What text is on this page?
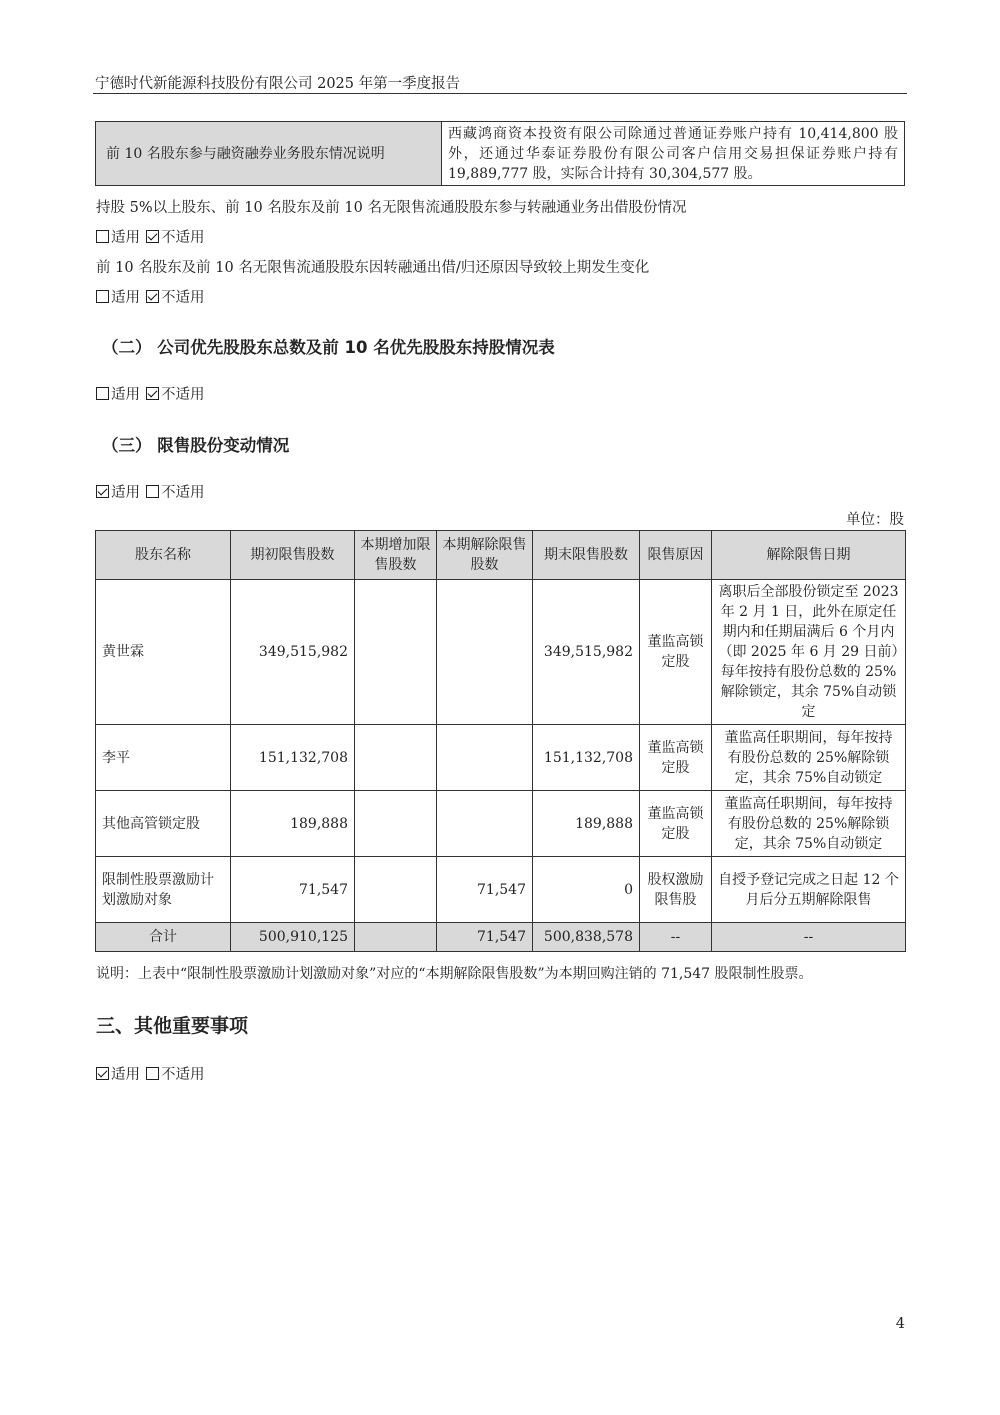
宁德时代新能源科技股份有限公司 2025 年第一季度报告
前 10 名股东参与融资融券业务股东情况说明	西藏鸿商资本投资有限公司除通过普通证券账户持有 10,414,800 股外，还通过华泰证券股份有限公司客户信用交易担保证券账户持有 19,889,777 股，实际合计持有 30,304,577 股。
持股 5%以上股东、前 10 名股东及前 10 名无限售流通股股东参与转融通业务出借股份情况
适用 不适用
前 10 名股东及前 10 名无限售流通股股东因转融通出借/归还原因导致较上期发生变化
适用 不适用
（二） 公司优先股股东总数及前 10 名优先股股东持股情况表
适用 不适用
（三） 限售股份变动情况
适用 不适用
单位：股
股东名称	期初限售股数	本期增加限售股数	本期解除限售股数	期末限售股数	限售原因	解除限售日期
黄世霖	349,515,982			349,515,982	董监高锁定股	离职后全部股份锁定至 2023 年 2 月 1 日，此外在原定任期内和任期届满后 6 个月内（即 2025 年 6 月 29 日前）每年按持有股份总数的 25%解除锁定，其余 75%自动锁定
李平	151,132,708			151,132,708	董监高锁定股	董监高任职期间，每年按持有股份总数的 25%解除锁定，其余 75%自动锁定
其他高管锁定股	189,888			189,888	董监高锁定股	董监高任职期间，每年按持有股份总数的 25%解除锁定，其余 75%自动锁定
限制性股票激励计划激励对象	71,547		71,547	0	股权激励限售股	自授予登记完成之日起 12 个月后分五期解除限售
合计	500,910,125		71,547	500,838,578	--	--
说明：上表中“限制性股票激励计划激励对象”对应的“本期解除限售股数”为本期回购注销的 71,547 股限制性股票。
三、其他重要事项
适用 不适用
4
